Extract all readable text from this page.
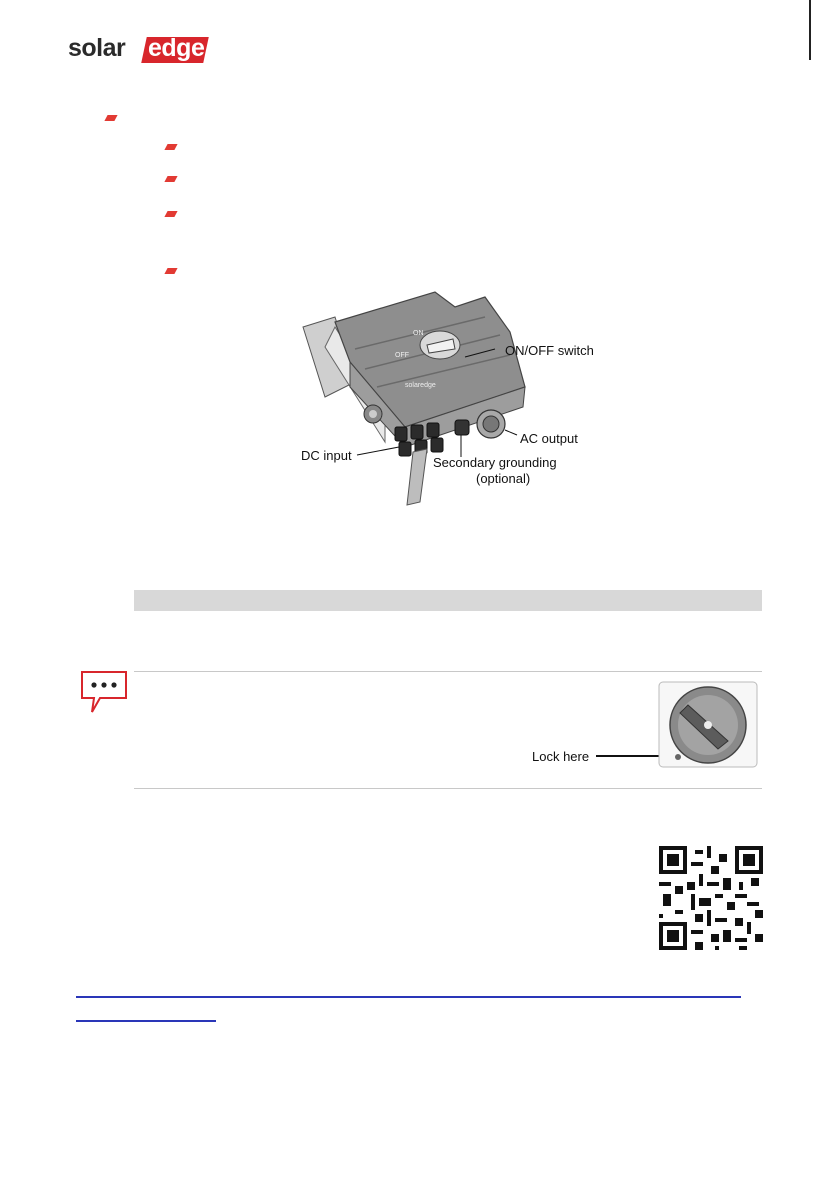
solar edge
ON
OFF
solaredge
ON/OFF switch
AC output
DC input	Secondary grounding
(optional)
Lock here
